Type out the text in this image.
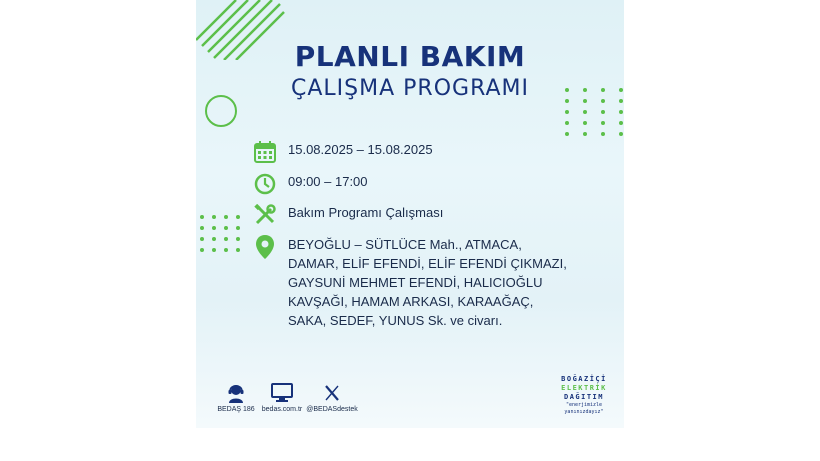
PLANLI BAKIM
ÇALIŞMA PROGRAMI
15.08.2025 – 15.08.2025
09:00 – 17:00
Bakım Programı Çalışması
BEYOĞLU – SÜTLÜCE Mah., ATMACA, DAMAR, ELİF EFENDİ, ELİF EFENDİ ÇIKMAZI, GAYSUNİ MEHMET EFENDİ, HALICIOĞLU KAVŞAĞI, HAMAM ARKASI, KARAAĞAÇ, SAKA, SEDEF, YUNUS Sk. ve civarı.
BEDAŞ 186	bedas.com.tr @BEDASdestek
BOĞAZİÇİ
ELEKTRİK
DAĞITIM
"enerjimizle yanınızdayız"
